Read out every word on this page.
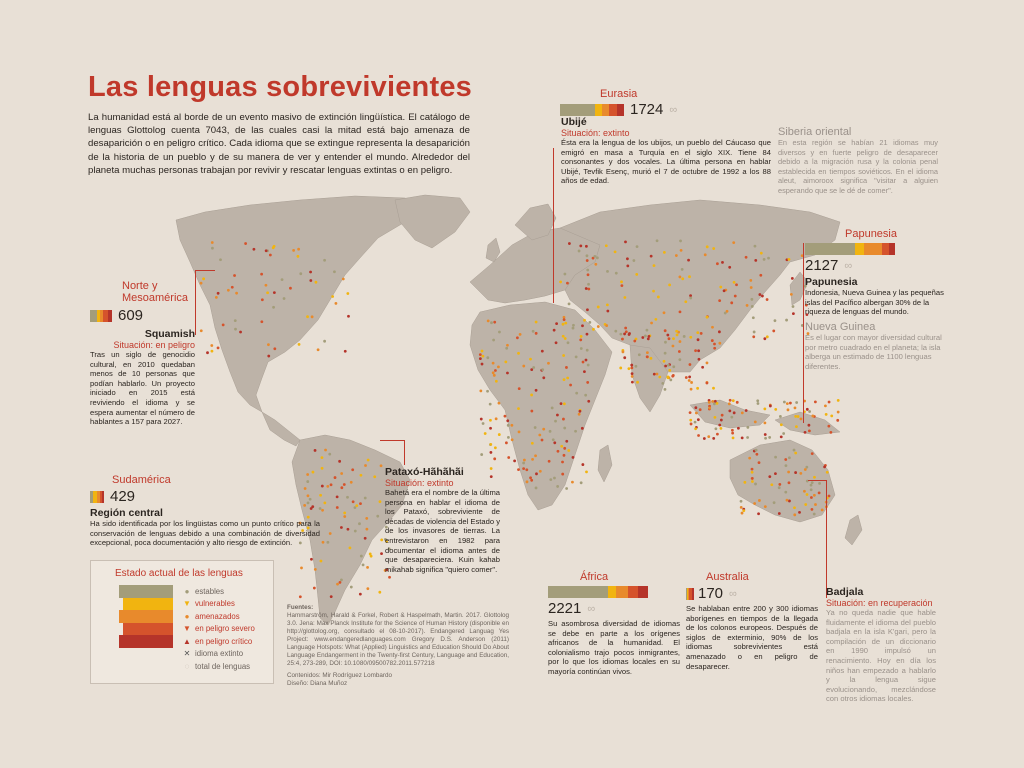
Las lenguas sobrevivientes
La humanidad está al borde de un evento masivo de extinción lingüística. El catálogo de lenguas Glottolog cuenta 7043, de las cuales casi la mitad está bajo amenaza de desaparición o en peligro crítico. Cada idioma que se extingue representa la desaparición de la historia de un pueblo y de su manera de ver y entender el mundo. Alrededor del planeta muchas personas trabajan por revivir y rescatar lenguas extintas o en peligro.
Eurasia
1724 ∞
Ubijé
Situación: extinto
Ésta era la lengua de los ubijos, un pueblo del Cáucaso que emigró en masa a Turquía en el siglo XIX. Tiene 84 consonantes y dos vocales. La última persona en hablar Ubijé, Tevfik Esenç, murió el 7 de octubre de 1992 a los 88 años de edad.
Siberia oriental
En esta región se habían 21 idiomas muy diversos y en fuerte peligro de desaparecer debido a la migración rusa y la colonia penal establecida en tiempos soviéticos. En el idioma aleut, aimoroox significa "visitar a alguien esperando que se le dé de comer".
Papunesia
2127 ∞
Papunesia
Indonesia, Nueva Guinea y las pequeñas islas del Pacífico albergan 30% de la riqueza de lenguas del mundo.
Nueva Guinea
Es el lugar con mayor diversidad cultural por metro cuadrado en el planeta; la isla alberga un estimado de 1100 lenguas diferentes.
Norte y Mesoamérica
609
Squamish
Situación: en peligro
Tras un siglo de genocidio cultural, en 2010 quedaban menos de 10 personas que podían hablarlo. Un proyecto iniciado en 2015 está reviviendo el idioma y se espera aumentar el número de hablantes a 157 para 2027.
Sudamérica
429
Región central
Ha sido identificada por los lingüistas como un punto crítico para la conservación de lenguas debido a una combinación de diversidad excepcional, poca documentación y alto riesgo de extinción.
Pataxó-Hãhãhãi
Situación: extinto
Bahetá era el nombre de la última persona en hablar el idioma de los Pataxó, sobreviviente de décadas de violencia del Estado y de los invasores de tierras. La entrevistaron en 1982 para documentar el idioma antes de que desapareciera. Kuin kahab mikahab significa "quiero comer".
Estado actual de las lenguas
● estables
▼ vulnerables
● amenazados
▼ en peligro severo
▲ en peligro crítico
✕ idioma extinto
◌ total de lenguas
Fuentes:
Hammarström, Harald & Forkel, Robert & Haspelmath, Martin. 2017. Glottolog 3.0. Jena: Max Planck Institute for the Science of Human History (disponible en http://glottolog.org, consultado el 08-10-2017). Endangered Languag Yes Project: www.endangeredlanguages.com Gregory D.S. Anderson (2011) Language Hotspots: What (Applied) Linguistics and Education Should Do About Language Endangerment in the Twenty-first Century, Language and Education, 25:4, 273-289, DOI: 10.1080/09500782.2011.577218
Contenidos: Mir Rodríguez Lombardo
Diseño: Diana Muñoz
África
2221 ∞
Su asombrosa diversidad de idiomas se debe en parte a los orígenes africanos de la humanidad. El colonialismo trajo pocos inmigrantes, por lo que los idiomas locales en su mayoría continúan vivos.
Australia
170 ∞
Se hablaban entre 200 y 300 idiomas aborígenes en tiempos de la llegada de los colonos europeos. Después de siglos de exterminio, 90% de los idiomas sobrevivientes está amenazado o en peligro de desaparecer.
Badjala
Situación: en recuperación
Ya no queda nadie que hable fluidamente el idioma del pueblo badjala en la isla K'gari, pero la compilación de un diccionario en 1990 impulsó un renacimiento. Hoy en día los niños han empezado a hablarlo y la lengua sigue evolucionando, mezclándose con otros idiomas locales.
